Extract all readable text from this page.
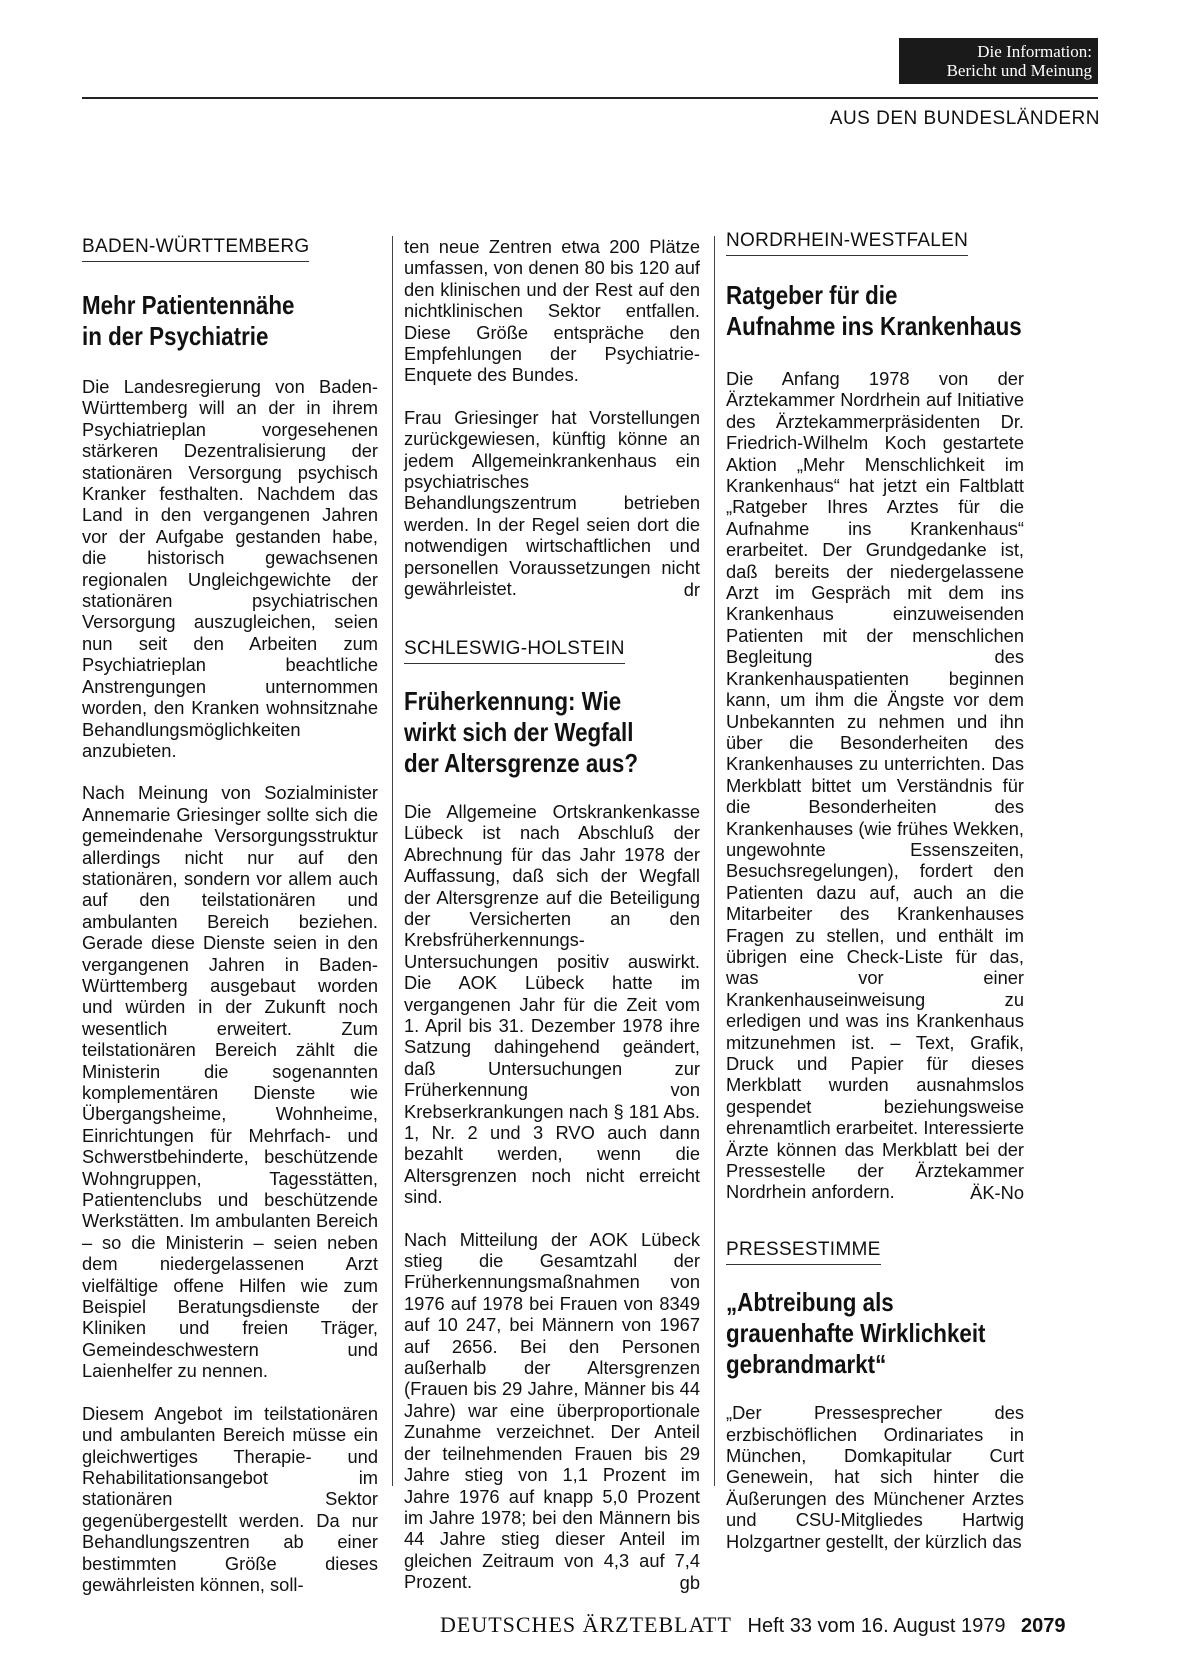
Die Information:
Bericht und Meinung
AUS DEN BUNDESLÄNDERN
BADEN-WÜRTTEMBERG
Mehr Patientennähe
in der Psychiatrie

Die Landesregierung von Baden-Württemberg will an der in ihrem Psychiatrieplan vorgesehenen stärkeren Dezentralisierung der stationären Versorgung psychisch Kranker festhalten. Nachdem das Land in den vergangenen Jahren vor der Aufgabe gestanden habe, die historisch gewachsenen regionalen Ungleichgewichte der stationären psychiatrischen Versorgung auszugleichen, seien nun seit den Arbeiten zum Psychiatrieplan beachtliche Anstrengungen unternommen worden, den Kranken wohnsitznahe Behandlungsmöglichkeiten anzubieten.

Nach Meinung von Sozialminister Annemarie Griesinger sollte sich die gemeindenahe Versorgungsstruktur allerdings nicht nur auf den stationären, sondern vor allem auch auf den teilstationären und ambulanten Bereich beziehen. Gerade diese Dienste seien in den vergangenen Jahren in Baden-Württemberg ausgebaut worden und würden in der Zukunft noch wesentlich erweitert. Zum teilstationären Bereich zählt die Ministerin die sogenannten komplementären Dienste wie Übergangsheime, Wohnheime, Einrichtungen für Mehrfach- und Schwerstbehinderte, beschützende Wohngruppen, Tagesstätten, Patientenclubs und beschützende Werkstätten. Im ambulanten Bereich – so die Ministerin – seien neben dem niedergelassenen Arzt vielfältige offene Hilfen wie zum Beispiel Beratungsdienste der Kliniken und freien Träger, Gemeindeschwestern und Laienhelfer zu nennen.

Diesem Angebot im teilstationären und ambulanten Bereich müsse ein gleichwertiges Therapie- und Rehabilitationsangebot im stationären Sektor gegenübergestellt werden. Da nur Behandlungszentren ab einer bestimmten Größe dieses gewährleisten können, soll-

ten neue Zentren etwa 200 Plätze umfassen, von denen 80 bis 120 auf den klinischen und der Rest auf den nichtklinischen Sektor entfallen. Diese Größe entspräche den Empfehlungen der Psychiatrie-Enquete des Bundes.

Frau Griesinger hat Vorstellungen zurückgewiesen, künftig könne an jedem Allgemeinkrankenhaus ein psychiatrisches Behandlungszentrum betrieben werden. In der Regel seien dort die notwendigen wirtschaftlichen und personellen Voraussetzungen nicht gewährleistet.	dr
SCHLESWIG-HOLSTEIN
Früherkennung: Wie
wirkt sich der Wegfall
der Altersgrenze aus?

Die Allgemeine Ortskrankenkasse Lübeck ist nach Abschluß der Abrechnung für das Jahr 1978 der Auffassung, daß sich der Wegfall der Altersgrenze auf die Beteiligung der Versicherten an den Krebsfrüherkennungs-Untersuchungen positiv auswirkt. Die AOK Lübeck hatte im vergangenen Jahr für die Zeit vom 1. April bis 31. Dezember 1978 ihre Satzung dahingehend geändert, daß Untersuchungen zur Früherkennung von Krebserkrankungen nach § 181 Abs. 1, Nr. 2 und 3 RVO auch dann bezahlt werden, wenn die Altersgrenzen noch nicht erreicht sind.

Nach Mitteilung der AOK Lübeck stieg die Gesamtzahl der Früherkennungsmaßnahmen von 1976 auf 1978 bei Frauen von 8349 auf 10 247, bei Männern von 1967 auf 2656. Bei den Personen außerhalb der Altersgrenzen (Frauen bis 29 Jahre, Männer bis 44 Jahre) war eine überproportionale Zunahme verzeichnet. Der Anteil der teilnehmenden Frauen bis 29 Jahre stieg von 1,1 Prozent im Jahre 1976 auf knapp 5,0 Prozent im Jahre 1978; bei den Männern bis 44 Jahre stieg dieser Anteil im gleichen Zeitraum von 4,3 auf 7,4 Prozent.	gb
NORDRHEIN-WESTFALEN
Ratgeber für die
Aufnahme ins Krankenhaus

Die Anfang 1978 von der Ärztekammer Nordrhein auf Initiative des Ärztekammerpräsidenten Dr. Friedrich-Wilhelm Koch gestartete Aktion „Mehr Menschlichkeit im Krankenhaus“ hat jetzt ein Faltblatt „Ratgeber Ihres Arztes für die Aufnahme ins Krankenhaus“ erarbeitet. Der Grundgedanke ist, daß bereits der niedergelassene Arzt im Gespräch mit dem ins Krankenhaus einzuweisenden Patienten mit der menschlichen Begleitung des Krankenhauspatienten beginnen kann, um ihm die Ängste vor dem Unbekannten zu nehmen und ihn über die Besonderheiten des Krankenhauses zu unterrichten. Das Merkblatt bittet um Verständnis für die Besonderheiten des Krankenhauses (wie frühes Wekken, ungewohnte Essenszeiten, Besuchsregelungen), fordert den Patienten dazu auf, auch an die Mitarbeiter des Krankenhauses Fragen zu stellen, und enthält im übrigen eine Check-Liste für das, was vor einer Krankenhauseinweisung zu erledigen und was ins Krankenhaus mitzunehmen ist. – Text, Grafik, Druck und Papier für dieses Merkblatt wurden ausnahmslos gespendet beziehungsweise ehrenamtlich erarbeitet. Interessierte Ärzte können das Merkblatt bei der Pressestelle der Ärztekammer Nordrhein anfordern.	ÄK-No
PRESSESTIMME
„Abtreibung als
grauenhafte Wirklichkeit
gebrandmarkt“

„Der Pressesprecher des erzbischöflichen Ordinariates in München, Domkapitular Curt Genewein, hat sich hinter die Äußerungen des Münchener Arztes und CSU-Mitgliedes Hartwig Holzgartner gestellt, der kürzlich das

DEUTSCHES ÄRZTEBLATT Heft 33 vom 16. August 1979 2079
